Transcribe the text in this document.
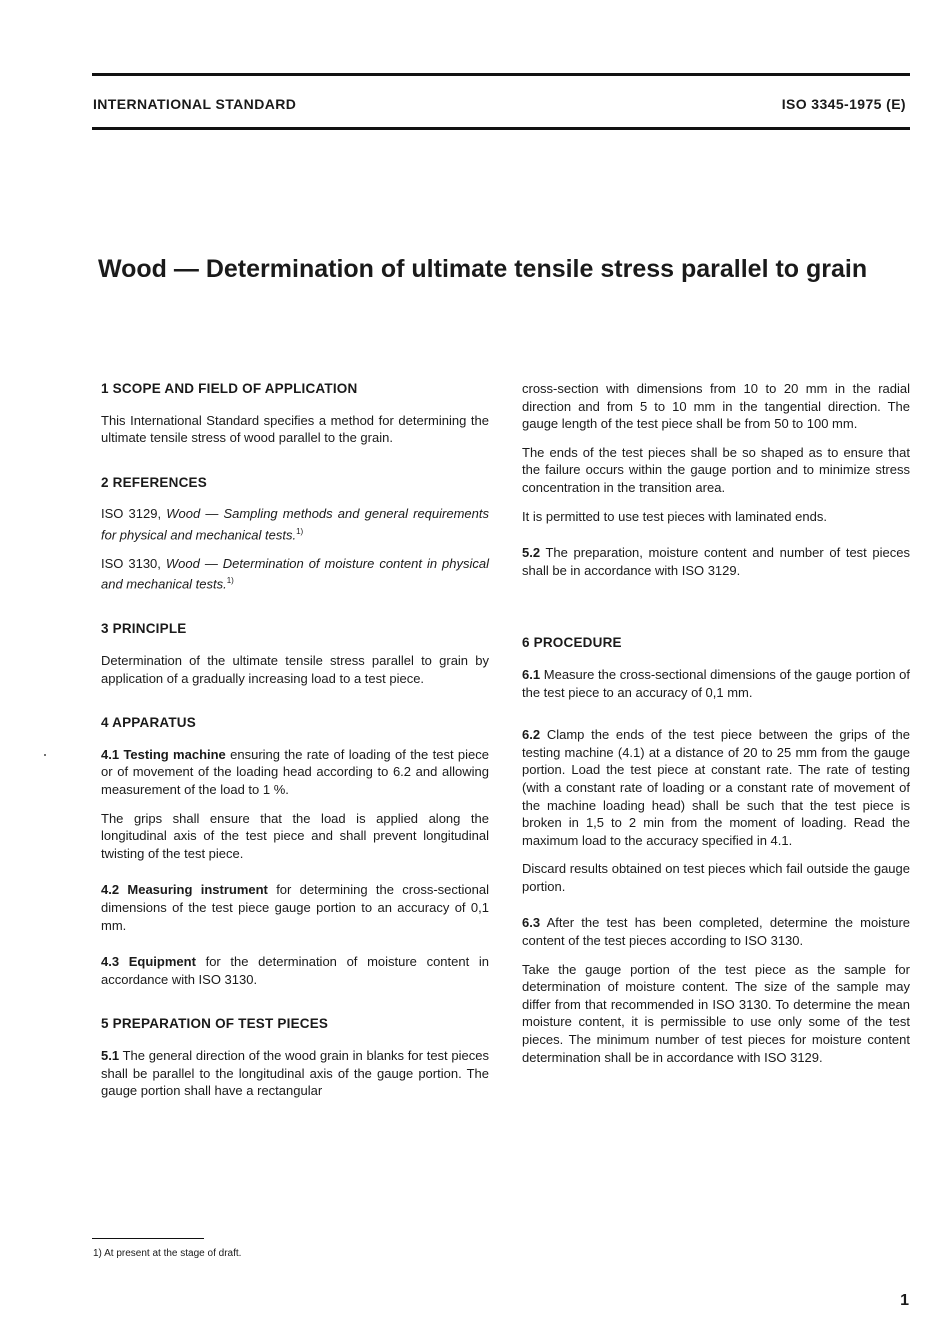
INTERNATIONAL STANDARD	ISO 3345-1975 (E)
Wood — Determination of ultimate tensile stress parallel to grain
1 SCOPE AND FIELD OF APPLICATION

This International Standard specifies a method for determining the ultimate tensile stress of wood parallel to the grain.

2 REFERENCES

ISO 3129, Wood — Sampling methods and general requirements for physical and mechanical tests.$^{1)}$

ISO 3130, Wood — Determination of moisture content in physical and mechanical tests.$^{1)}$

3 PRINCIPLE

Determination of the ultimate tensile stress parallel to grain by application of a gradually increasing load to a test piece.

4 APPARATUS

4.1 Testing machine ensuring the rate of loading of the test piece or of movement of the loading head according to 6.2 and allowing measurement of the load to 1 %.

The grips shall ensure that the load is applied along the longitudinal axis of the test piece and shall prevent longitudinal twisting of the test piece.

4.2 Measuring instrument for determining the cross-sectional dimensions of the test piece gauge portion to an accuracy of 0,1 mm.

4.3 Equipment for the determination of moisture content in accordance with ISO 3130.

5 PREPARATION OF TEST PIECES

5.1 The general direction of the wood grain in blanks for test pieces shall be parallel to the longitudinal axis of the gauge portion. The gauge portion shall have a rectangular

cross-section with dimensions from 10 to 20 mm in the radial direction and from 5 to 10 mm in the tangential direction. The gauge length of the test piece shall be from 50 to 100 mm.

The ends of the test pieces shall be so shaped as to ensure that the failure occurs within the gauge portion and to minimize stress concentration in the transition area.

It is permitted to use test pieces with laminated ends.

5.2 The preparation, moisture content and number of test pieces shall be in accordance with ISO 3129.

6 PROCEDURE

6.1 Measure the cross-sectional dimensions of the gauge portion of the test piece to an accuracy of 0,1 mm.

6.2 Clamp the ends of the test piece between the grips of the testing machine (4.1) at a distance of 20 to 25 mm from the gauge portion. Load the test piece at constant rate. The rate of testing (with a constant rate of loading or a constant rate of movement of the machine loading head) shall be such that the test piece is broken in 1,5 to 2 min from the moment of loading. Read the maximum load to the accuracy specified in 4.1.

Discard results obtained on test pieces which fail outside the gauge portion.

6.3 After the test has been completed, determine the moisture content of the test pieces according to ISO 3130.

Take the gauge portion of the test piece as the sample for determination of moisture content. The size of the sample may differ from that recommended in ISO 3130. To determine the mean moisture content, it is permissible to use only some of the test pieces. The minimum number of test pieces for moisture content determination shall be in accordance with ISO 3129.

1) At present at the stage of draft.
1
